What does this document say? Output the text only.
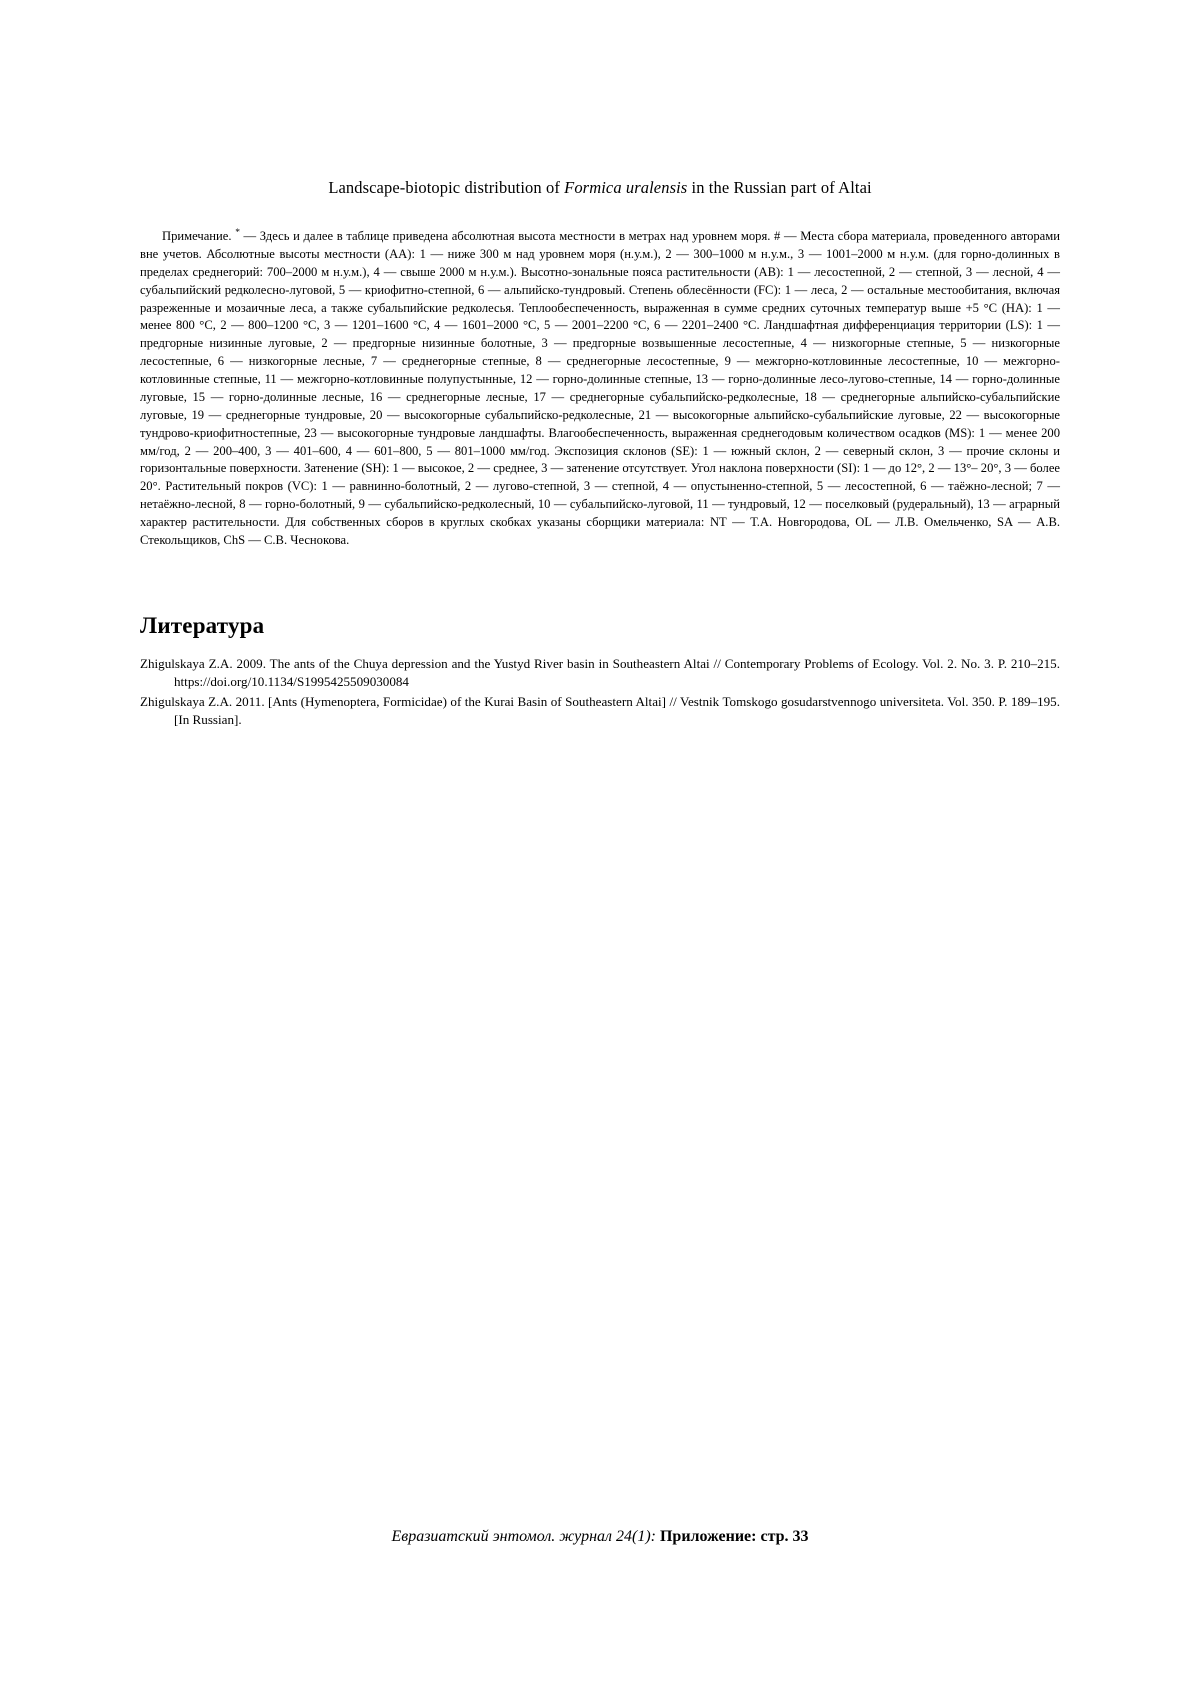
Landscape-biotopic distribution of Formica uralensis in the Russian part of Altai

Примечание. * — Здесь и далее в таблице приведена абсолютная высота местности в метрах над уровнем моря. # — Места сбора материала, проведенного авторами вне учетов. Абсолютные высоты местности (AA): 1 — ниже 300 м над уровнем моря (н.у.м.), 2 — 300–1000 м н.у.м., 3 — 1001–2000 м н.у.м. (для горно-долинных в пределах среднегорий: 700–2000 м н.у.м.), 4 — свыше 2000 м н.у.м.). Высотно-зональные пояса растительности (AB): 1 — лесостепной, 2 — степной, 3 — лесной, 4 — субальпийский редколесно-луговой, 5 — криофитно-степной, 6 — альпийско-тундровый. Степень облесённости (FC): 1 — леса, 2 — остальные местообитания, включая разреженные и мозаичные леса, а также субальпийские редколесья. Теплообеспеченность, выраженная в сумме средних суточных температур выше +5 °C (HA): 1 — менее 800 °C, 2 — 800–1200 °C, 3 — 1201–1600 °C, 4 — 1601–2000 °C, 5 — 2001–2200 °C, 6 — 2201–2400 °C. Ландшафтная дифференциация территории (LS): 1 — предгорные низинные луговые, 2 — предгорные низинные болотные, 3 — предгорные возвышенные лесостепные, 4 — низкогорные степные, 5 — низкогорные лесостепные, 6 — низкогорные лесные, 7 — среднегорные степные, 8 — среднегорные лесостепные, 9 — межгорно-котловинные лесостепные, 10 — межгорно-котловинные степные, 11 — межгорно-котловинные полупустынные, 12 — горно-долинные степные, 13 — горно-долинные лесо-лугово-степные, 14 — горно-долинные луговые, 15 — горно-долинные лесные, 16 — среднегорные лесные, 17 — среднегорные субальпийско-редколесные, 18 — среднегорные альпийско-субальпийские луговые, 19 — среднегорные тундровые, 20 — высокогорные субальпийско-редколесные, 21 — высокогорные альпийско-субальпийские луговые, 22 — высокогорные тундрово-криофитностепные, 23 — высокогорные тундровые ландшафты. Влагообеспеченность, выраженная среднегодовым количеством осадков (MS): 1 — менее 200 мм/год, 2 — 200–400, 3 — 401–600, 4 — 601–800, 5 — 801–1000 мм/год. Экспозиция склонов (SE): 1 — южный склон, 2 — северный склон, 3 — прочие склоны и горизонтальные поверхности. Затенение (SH): 1 — высокое, 2 — среднее, 3 — затенение отсутствует. Угол наклона поверхности (SI): 1 — до 12°, 2 — 13°– 20°, 3 — более 20°. Растительный покров (VC): 1 — равнинно-болотный, 2 — лугово-степной, 3 — степной, 4 — опустыненно-степной, 5 — лесостепной, 6 — таёжно-лесной; 7 — нетаёжно-лесной, 8 — горно-болотный, 9 — субальпийско-редколесный, 10 — субальпийско-луговой, 11 — тундровый, 12 — поселковый (рудеральный), 13 — аграрный характер растительности. Для собственных сборов в круглых скобках указаны сборщики материала: NT — Т.А. Новгородова, OL — Л.В. Омельченко, SA — А.В. Стекольщиков, ChS — С.В. Чеснокова.

Литература

Zhigulskaya Z.A. 2009. The ants of the Chuya depression and the Yustyd River basin in Southeastern Altai // Contemporary Problems of Ecology. Vol. 2. No. 3. P. 210–215. https://doi.org/10.1134/S1995425509030084

Zhigulskaya Z.A. 2011. [Ants (Hymenoptera, Formicidae) of the Kurai Basin of Southeastern Altai] // Vestnik Tomskogo gosudarstvennogo universiteta. Vol. 350. P. 189–195. [In Russian].

Евразиатский энтомол. журнал 24(1): Приложение: стр. 33
